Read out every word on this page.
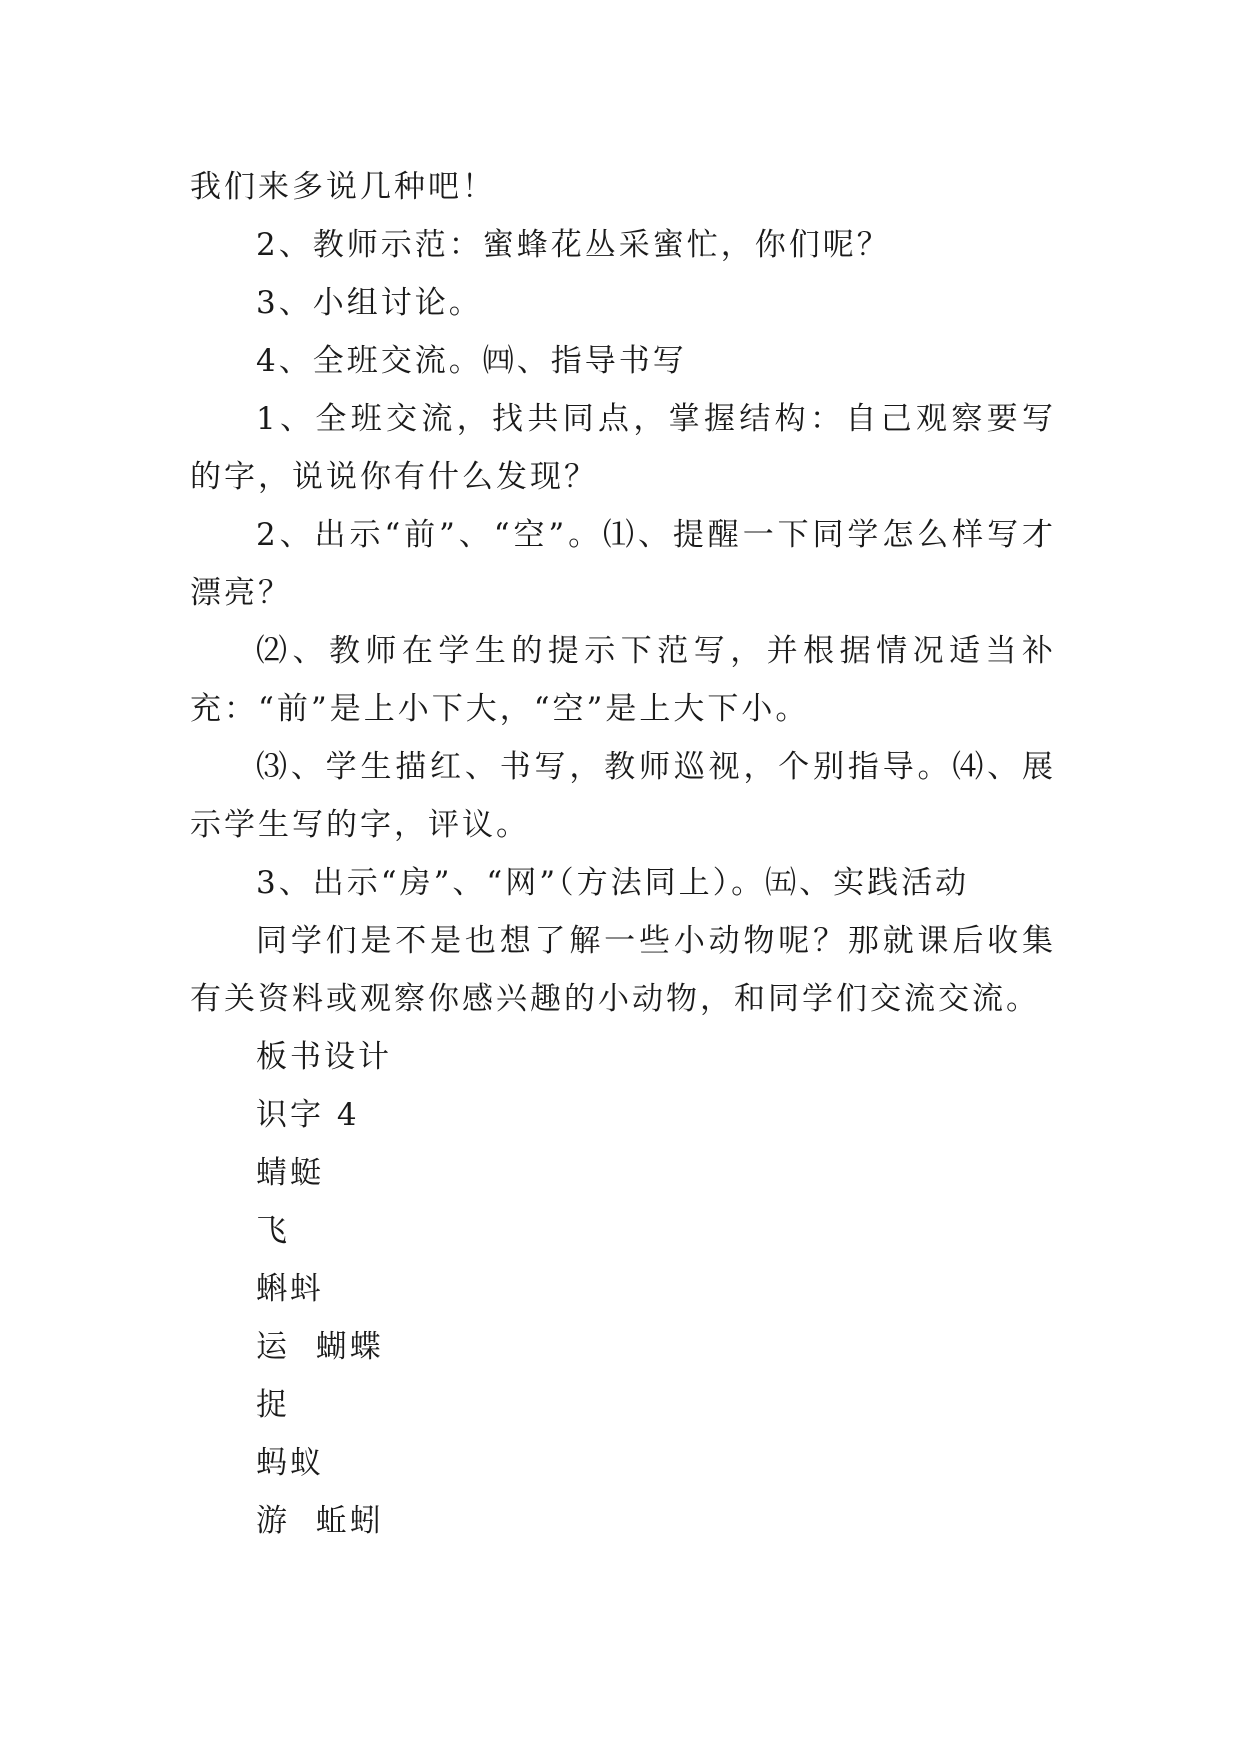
我们来多说几种吧！

2、教师示范：蜜蜂花丛采蜜忙，你们呢？

3、小组讨论。

4、全班交流。㈣、指导书写

1、全班交流，找共同点，掌握结构：自己观察要写的字，说说你有什么发现？

2、出示“前”、“空”。⑴、提醒一下同学怎么样写才漂亮？

⑵、教师在学生的提示下范写，并根据情况适当补充：“前”是上小下大，“空”是上大下小。

⑶、学生描红、书写，教师巡视，个别指导。⑷、展示学生写的字，评议。

3、出示“房”、“网”（方法同上）。㈤、实践活动

同学们是不是也想了解一些小动物呢？那就课后收集有关资料或观察你感兴趣的小动物，和同学们交流交流。

板书设计

识字 4

蜻蜓

飞

蝌蚪

运  蝴蝶

捉

蚂蚁

游  蚯蚓
